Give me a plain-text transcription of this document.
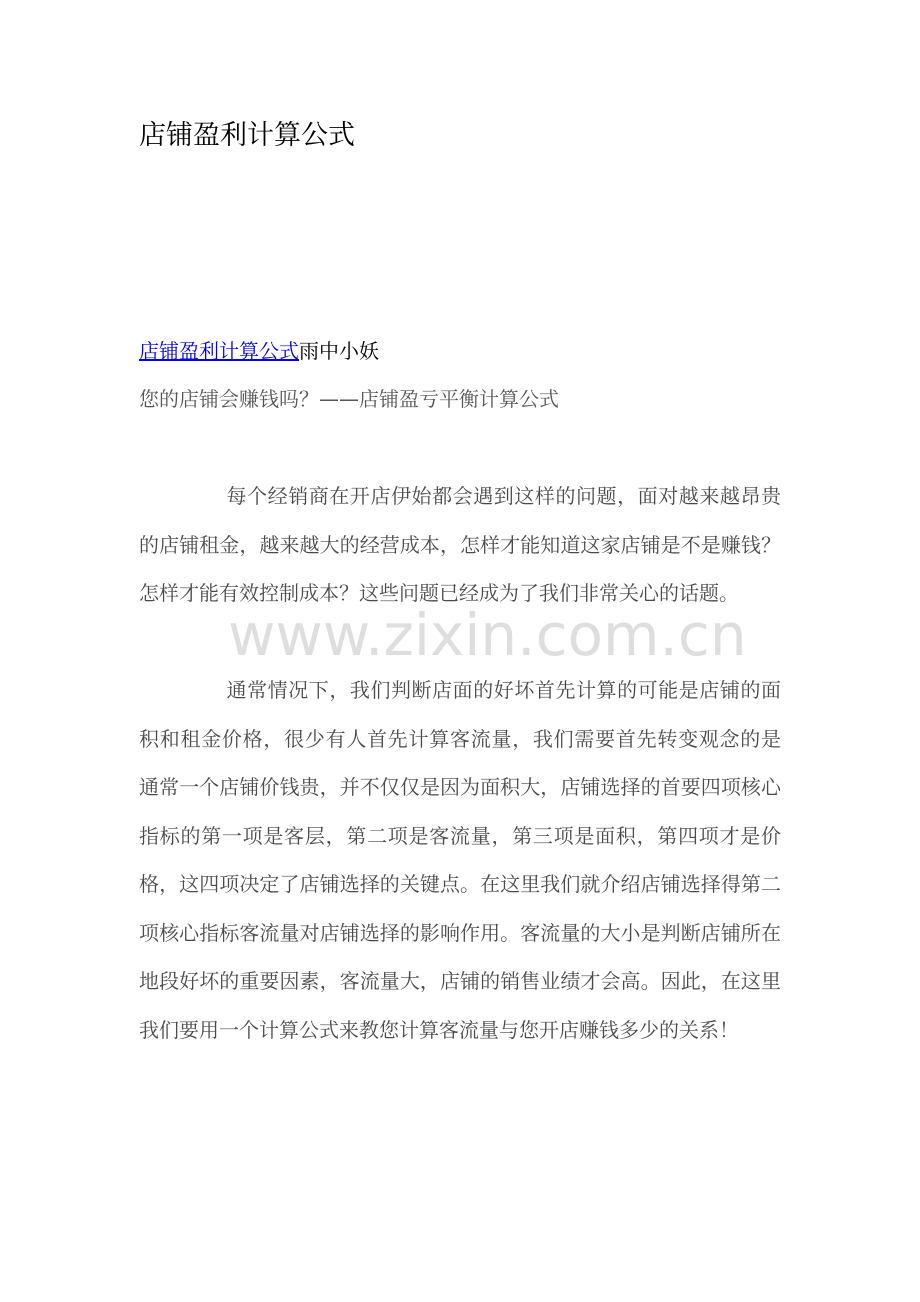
店铺盈利计算公式
店铺盈利计算公式雨中小妖
您的店铺会赚钱吗？——店铺盈亏平衡计算公式
www.zixin.com.cn

每个经销商在开店伊始都会遇到这样的问题，面对越来越昂贵的店铺租金，越来越大的经营成本，怎样才能知道这家店铺是不是赚钱？怎样才能有效控制成本？这些问题已经成为了我们非常关心的话题。

通常情况下，我们判断店面的好坏首先计算的可能是店铺的面积和租金价格，很少有人首先计算客流量，我们需要首先转变观念的是 通常一个店铺价钱贵，并不仅仅是因为面积大，店铺选择的首要四项核心指标的第一项是客层，第二项是客流量，第三项是面积，第四项才是价格，这四项决定了店铺选择的关键点。在这里我们就介绍店铺选择得第二项核心指标客流量对店铺选择的影响作用。客流量的大小是判断店铺所在地段好坏的重要因素，客流量大，店铺的销售业绩才会高。因此，在这里我们要用一个计算公式来教您计算客流量与您开店赚钱多少的关系！
